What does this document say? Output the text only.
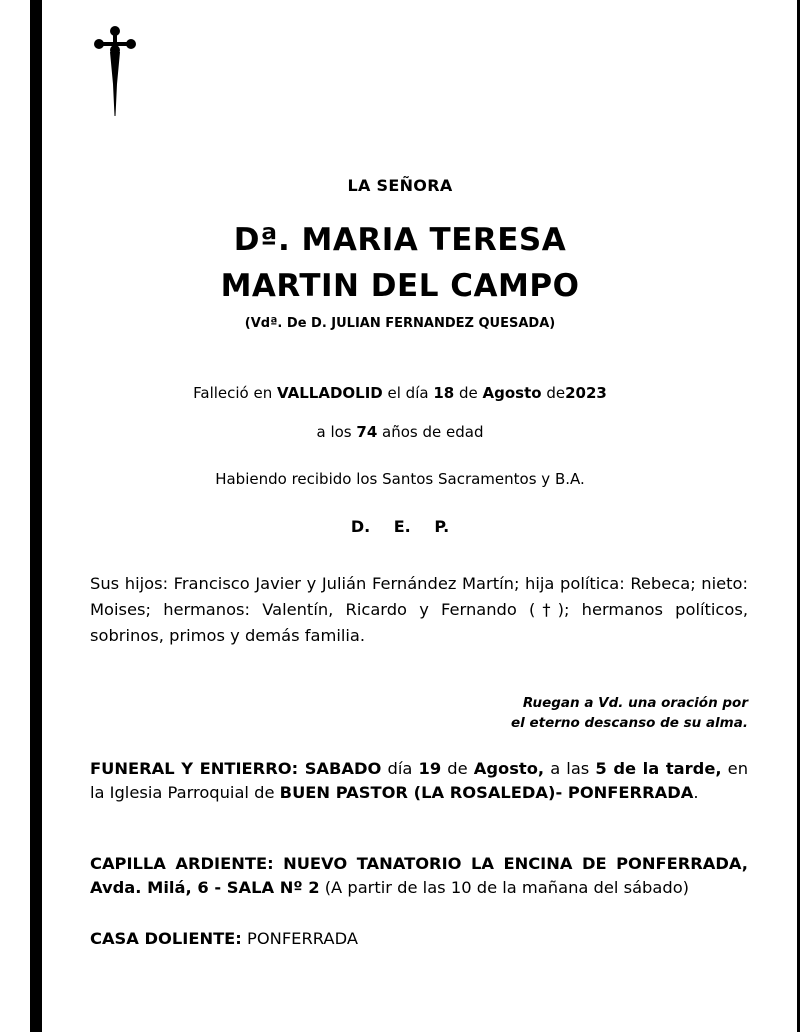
LA SEÑORA
Dª. MARIA TERESA
MARTIN DEL CAMPO
(Vdª. De D. JULIAN FERNANDEZ QUESADA)
Falleció en VALLADOLID el día 18 de Agosto de2023
a los 74 años de edad
Habiendo recibido los Santos Sacramentos y B.A.
D. E. P.
Sus hijos: Francisco Javier y Julián Fernández Martín; hija política: Rebeca; nieto: Moises; hermanos: Valentín, Ricardo y Fernando (†); hermanos políticos, sobrinos, primos y demás familia.
Ruegan a Vd. una oración por
el eterno descanso de su alma.
FUNERAL Y ENTIERRO: SABADO día 19 de Agosto, a las 5 de la tarde, en la Iglesia Parroquial de BUEN PASTOR (LA ROSALEDA)- PONFERRADA.
CAPILLA ARDIENTE: NUEVO TANATORIO LA ENCINA DE PONFERRADA, Avda. Milá, 6 - SALA Nº 2 (A partir de las 10 de la mañana del sábado)
CASA DOLIENTE: PONFERRADA
